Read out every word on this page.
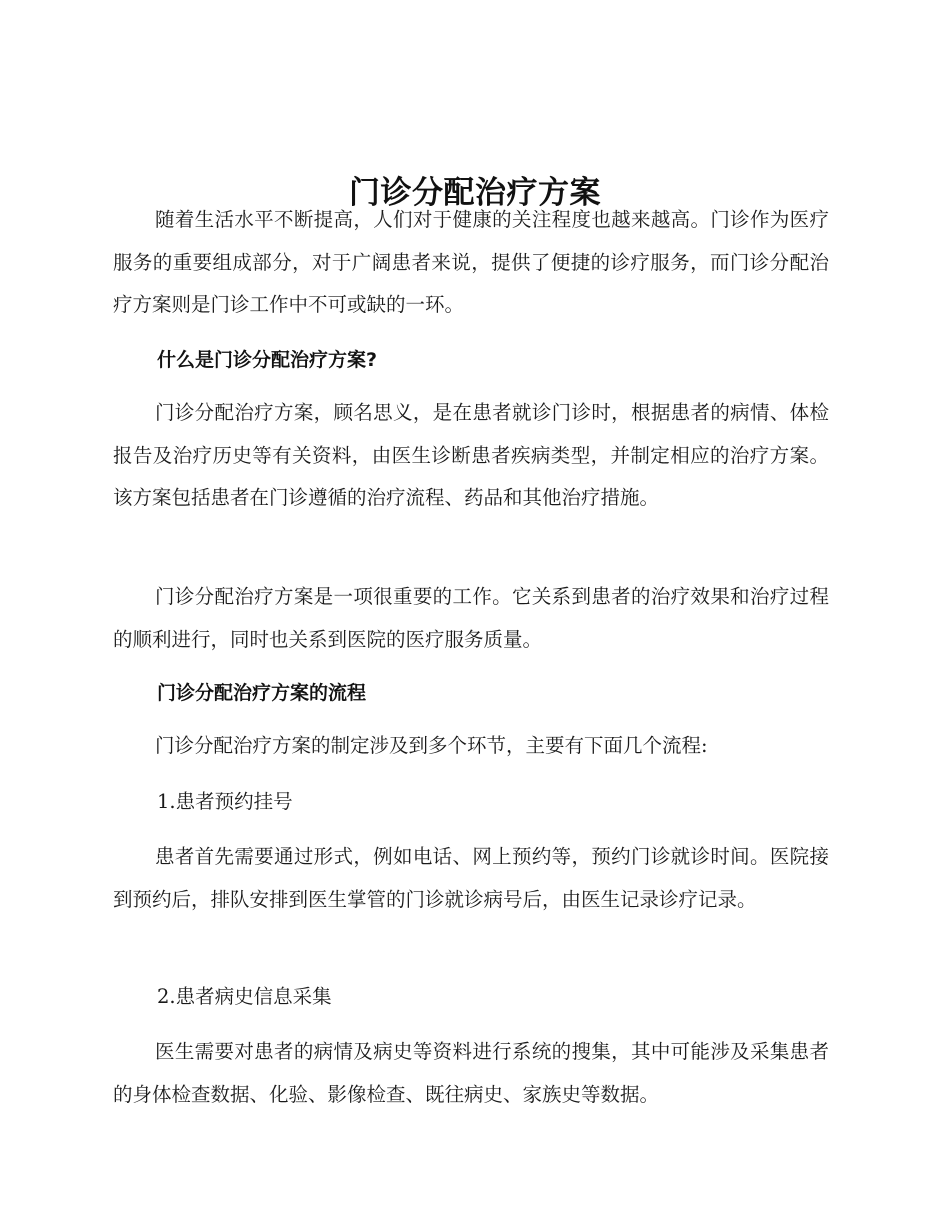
门诊分配治疗方案

随着生活水平不断提高，人们对于健康的关注程度也越来越高。门诊作为医疗服务的重要组成部分，对于广阔患者来说，提供了便捷的诊疗服务，而门诊分配治疗方案则是门诊工作中不可或缺的一环。

什么是门诊分配治疗方案?

门诊分配治疗方案，顾名思义，是在患者就诊门诊时，根据患者的病情、体检报告及治疗历史等有关资料，由医生诊断患者疾病类型，并制定相应的治疗方案。该方案包括患者在门诊遵循的治疗流程、药品和其他治疗措施。

门诊分配治疗方案是一项很重要的工作。它关系到患者的治疗效果和治疗过程的顺利进行，同时也关系到医院的医疗服务质量。

门诊分配治疗方案的流程

门诊分配治疗方案的制定涉及到多个环节，主要有下面几个流程:

1.患者预约挂号

患者首先需要通过形式，例如电话、网上预约等，预约门诊就诊时间。医院接到预约后，排队安排到医生掌管的门诊就诊病号后，由医生记录诊疗记录。

2.患者病史信息采集

医生需要对患者的病情及病史等资料进行系统的搜集，其中可能涉及采集患者的身体检查数据、化验、影像检查、既往病史、家族史等数据。
